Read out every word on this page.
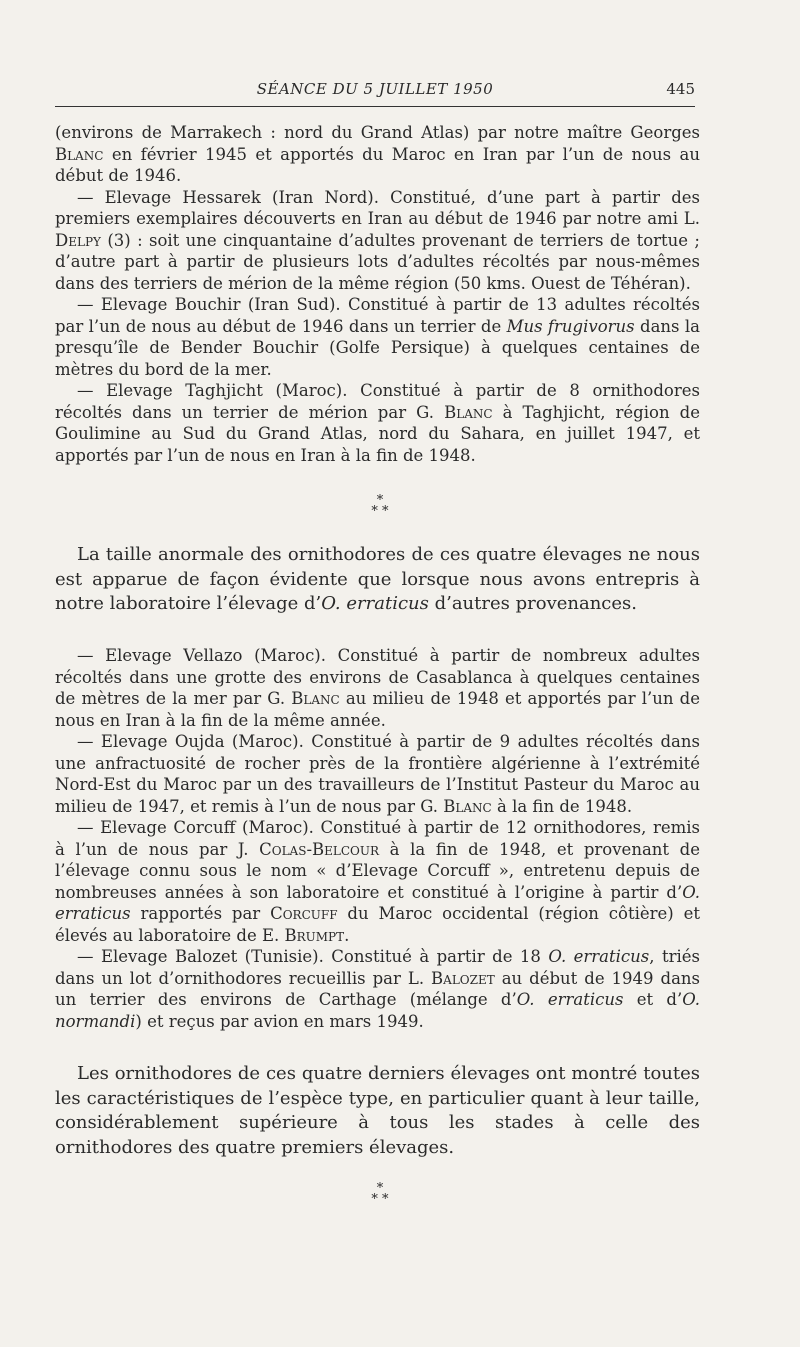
SÉANCE DU 5 JUILLET 1950	445

(environs de Marrakech : nord du Grand Atlas) par notre maître Georges Blanc en février 1945 et apportés du Maroc en Iran par l’un de nous au début de 1946.

— Elevage Hessarek (Iran Nord). Constitué, d’une part à partir des premiers exemplaires découverts en Iran au début de 1946 par notre ami L. Delpy (3) : soit une cinquantaine d’adultes provenant de terriers de tortue ; d’autre part à partir de plusieurs lots d’adultes récoltés par nous-mêmes dans des terriers de mérion de la même région (50 kms. Ouest de Téhéran).

— Elevage Bouchir (Iran Sud). Constitué à partir de 13 adultes récoltés par l’un de nous au début de 1946 dans un terrier de Mus frugivorus dans la presqu’île de Bender Bouchir (Golfe Persique) à quelques centaines de mètres du bord de la mer.

— Elevage Taghjicht (Maroc). Constitué à partir de 8 ornithodores récoltés dans un terrier de mérion par G. Blanc à Taghjicht, région de Goulimine au Sud du Grand Atlas, nord du Sahara, en juillet 1947, et apportés par l’un de nous en Iran à la fin de 1948.

*
* *

La taille anormale des ornithodores de ces quatre élevages ne nous est apparue de façon évidente que lorsque nous avons entrepris à notre laboratoire l’élevage d’O. erraticus d’autres provenances.

— Elevage Vellazo (Maroc). Constitué à partir de nombreux adultes récoltés dans une grotte des environs de Casablanca à quelques centaines de mètres de la mer par G. Blanc au milieu de 1948 et apportés par l’un de nous en Iran à la fin de la même année.

— Elevage Oujda (Maroc). Constitué à partir de 9 adultes récoltés dans une anfractuosité de rocher près de la frontière algérienne à l’extrémité Nord-Est du Maroc par un des travailleurs de l’Institut Pasteur du Maroc au milieu de 1947, et remis à l’un de nous par G. Blanc à la fin de 1948.

— Elevage Corcuff (Maroc). Constitué à partir de 12 ornithodores, remis à l’un de nous par J. Colas-Belcour à la fin de 1948, et provenant de l’élevage connu sous le nom « d’Elevage Corcuff », entretenu depuis de nombreuses années à son laboratoire et constitué à l’origine à partir d’O. erraticus rapportés par Corcuff du Maroc occidental (région côtière) et élevés au laboratoire de E. Brumpt.

— Elevage Balozet (Tunisie). Constitué à partir de 18 O. erraticus, triés dans un lot d’ornithodores recueillis par L. Balozet au début de 1949 dans un terrier des environs de Carthage (mélange d’O. erraticus et d’O. normandi) et reçus par avion en mars 1949.

Les ornithodores de ces quatre derniers élevages ont montré toutes les caractéristiques de l’espèce type, en particulier quant à leur taille, considérablement supérieure à tous les stades à celle des ornithodores des quatre premiers élevages.

*
* *
